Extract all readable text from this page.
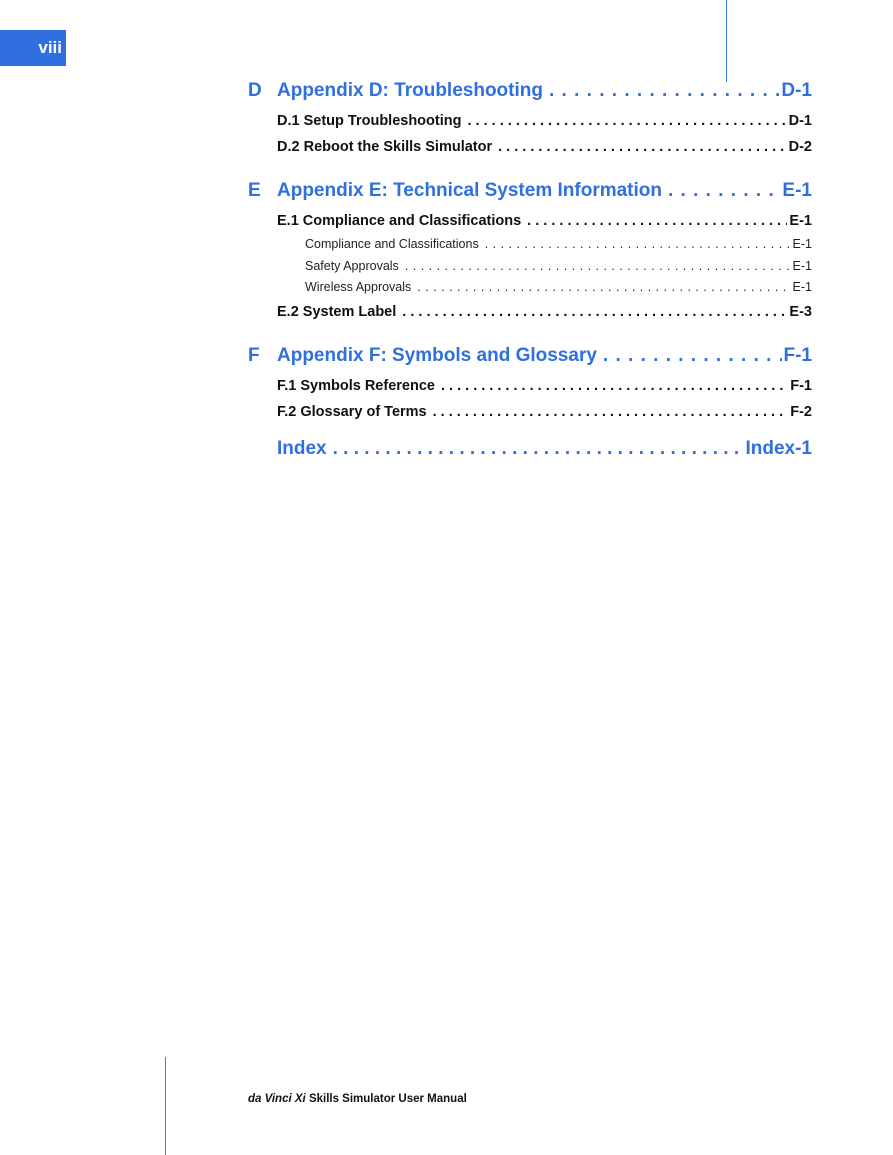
viii
D Appendix D: Troubleshooting . . .	D-1
D.1 Setup Troubleshooting . . .	D-1
D.2 Reboot the Skills Simulator . . .	D-2
E Appendix E: Technical System Information . . .	E-1
E.1 Compliance and Classifications . . .	E-1
Compliance and Classifications . . .	E-1
Safety Approvals . . .	E-1
Wireless Approvals . . .	E-1
E.2 System Label . . .	E-3
F Appendix F: Symbols and Glossary . . .	F-1
F.1 Symbols Reference . . .	F-1
F.2 Glossary of Terms . . .	F-2
Index . . .	Index-1
da Vinci Xi Skills Simulator User Manual
